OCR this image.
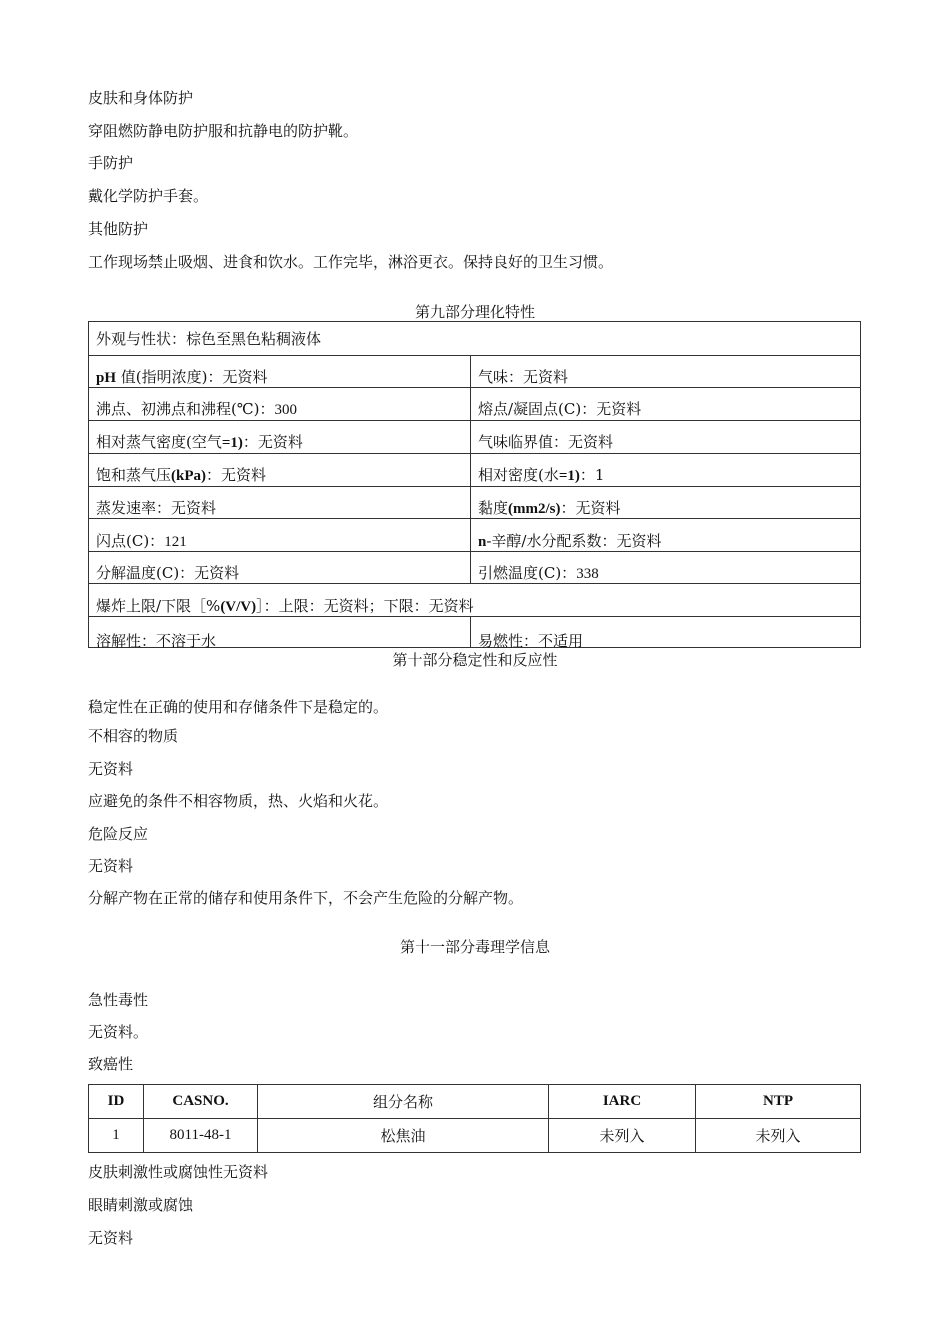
皮肤和身体防护
穿阻燃防静电防护服和抗静电的防护靴。
手防护
戴化学防护手套。
其他防护
工作现场禁止吸烟、进食和饮水。工作完毕，淋浴更衣。保持良好的卫生习惯。
第九部分理化特性
外观与性状：棕色至黑色粘稠液体
pH 值(指明浓度)：无资料	气味：无资料
沸点、初沸点和沸程(℃)：300	熔点/凝固点(C)：无资料
相对蒸气密度(空气=1)：无资料	气味临界值：无资料
饱和蒸气压(kPa)：无资料	相对密度(水=1)：1
蒸发速率：无资料	黏度(mm2/s)：无资料
闪点(C)：121	n-辛醇/水分配系数：无资料
分解温度(C)：无资料	引燃温度(C)：338
爆炸上限/下限［%(V/V)］：上限：无资料；下限：无资料
溶解性：不溶于水	易燃性：不适用
第十部分稳定性和反应性
稳定性在正确的使用和存储条件下是稳定的。
不相容的物质
无资料
应避免的条件不相容物质，热、火焰和火花。
危险反应
无资料
分解产物在正常的储存和使用条件下，不会产生危险的分解产物。
第十一部分毒理学信息
急性毒性
无资料。
致癌性
ID	CASNO.	组分名称	IARC	NTP
1	8011-48-1	松焦油	未列入	未列入
皮肤刺激性或腐蚀性无资料
眼睛刺激或腐蚀
无资料
